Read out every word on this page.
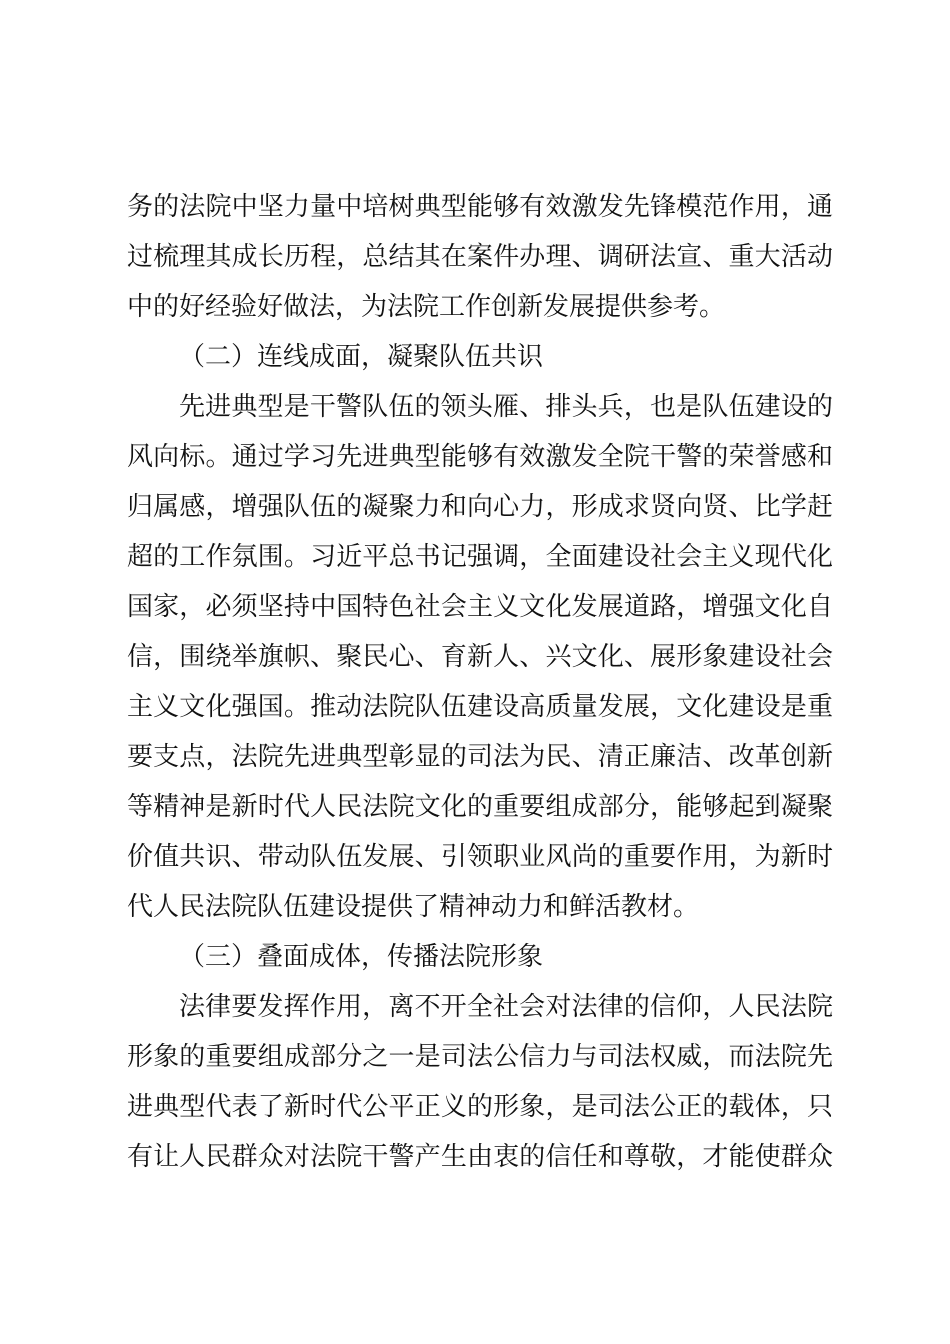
务的法院中坚力量中培树典型能够有效激发先锋模范作用，通
过梳理其成长历程，总结其在案件办理、调研法宣、重大活动
中的好经验好做法，为法院工作创新发展提供参考。
（二）连线成面，凝聚队伍共识
先进典型是干警队伍的领头雁、排头兵，也是队伍建设的
风向标。通过学习先进典型能够有效激发全院干警的荣誉感和
归属感，增强队伍的凝聚力和向心力，形成求贤向贤、比学赶
超的工作氛围。习近平总书记强调，全面建设社会主义现代化
国家，必须坚持中国特色社会主义文化发展道路，增强文化自
信，围绕举旗帜、聚民心、育新人、兴文化、展形象建设社会
主义文化强国。推动法院队伍建设高质量发展，文化建设是重
要支点，法院先进典型彰显的司法为民、清正廉洁、改革创新
等精神是新时代人民法院文化的重要组成部分，能够起到凝聚
价值共识、带动队伍发展、引领职业风尚的重要作用，为新时
代人民法院队伍建设提供了精神动力和鲜活教材。
（三）叠面成体，传播法院形象
法律要发挥作用，离不开全社会对法律的信仰，人民法院
形象的重要组成部分之一是司法公信力与司法权威，而法院先
进典型代表了新时代公平正义的形象，是司法公正的载体，只
有让人民群众对法院干警产生由衷的信任和尊敬，才能使群众
